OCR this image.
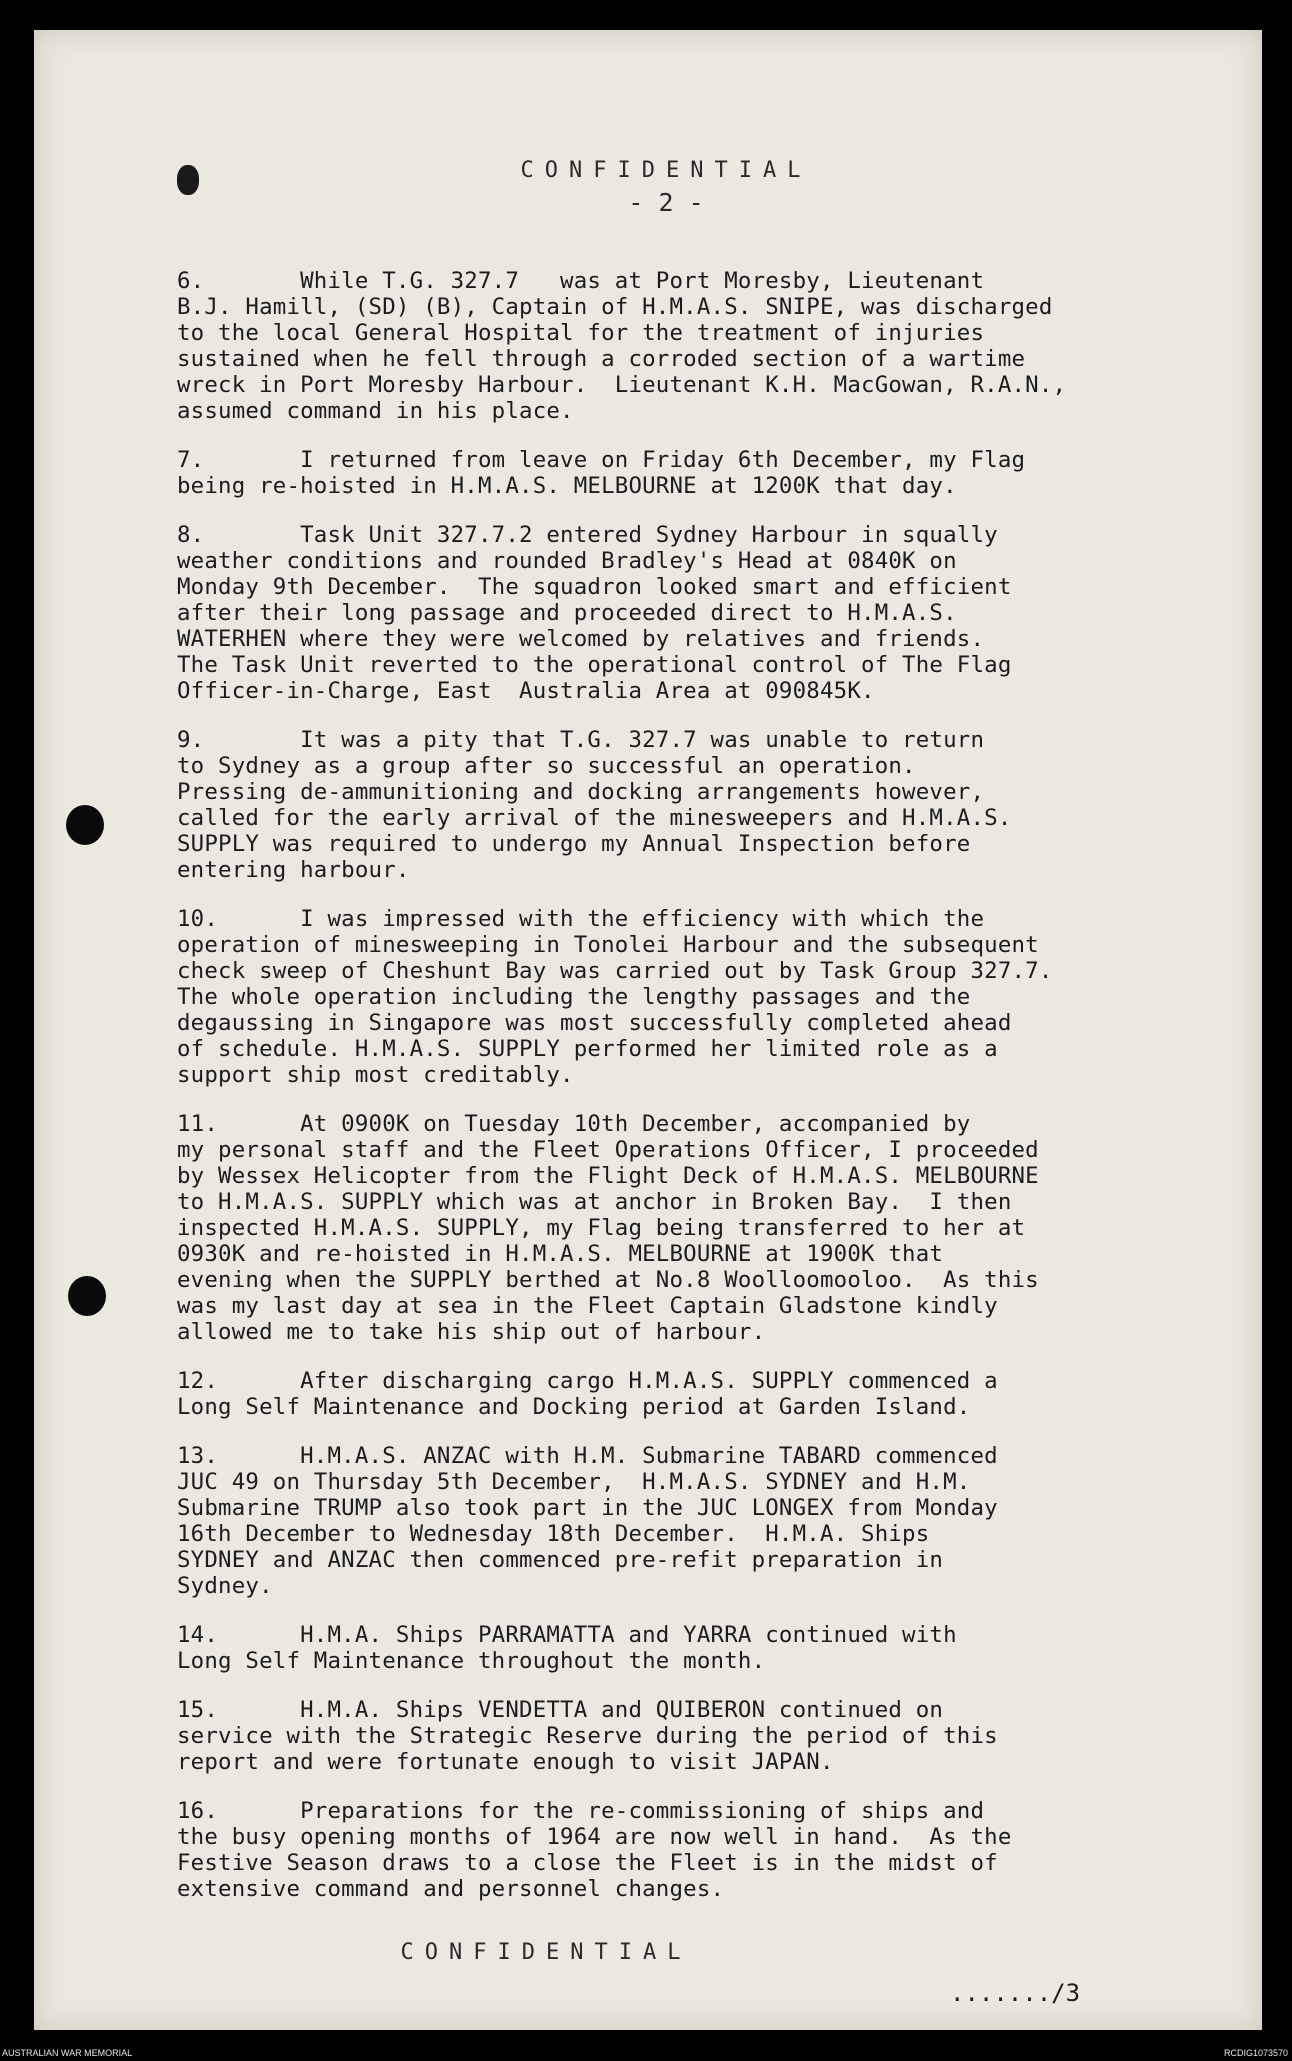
CONFIDENTIAL
- 2 -

6.       While T.G. 327.7   was at Port Moresby, Lieutenant
B.J. Hamill, (SD) (B), Captain of H.M.A.S. SNIPE, was discharged
to the local General Hospital for the treatment of injuries
sustained when he fell through a corroded section of a wartime
wreck in Port Moresby Harbour.  Lieutenant K.H. MacGowan, R.A.N.,
assumed command in his place.

7.       I returned from leave on Friday 6th December, my Flag
being re-hoisted in H.M.A.S. MELBOURNE at 1200K that day.

8.       Task Unit 327.7.2 entered Sydney Harbour in squally
weather conditions and rounded Bradley's Head at 0840K on
Monday 9th December.  The squadron looked smart and efficient
after their long passage and proceeded direct to H.M.A.S.
WATERHEN where they were welcomed by relatives and friends.
The Task Unit reverted to the operational control of The Flag
Officer-in-Charge, East  Australia Area at 090845K.

9.       It was a pity that T.G. 327.7 was unable to return
to Sydney as a group after so successful an operation.
Pressing de-ammunitioning and docking arrangements however,
called for the early arrival of the minesweepers and H.M.A.S.
SUPPLY was required to undergo my Annual Inspection before
entering harbour.

10.      I was impressed with the efficiency with which the
operation of minesweeping in Tonolei Harbour and the subsequent
check sweep of Cheshunt Bay was carried out by Task Group 327.7.
The whole operation including the lengthy passages and the
degaussing in Singapore was most successfully completed ahead
of schedule. H.M.A.S. SUPPLY performed her limited role as a
support ship most creditably.

11.      At 0900K on Tuesday 10th December, accompanied by
my personal staff and the Fleet Operations Officer, I proceeded
by Wessex Helicopter from the Flight Deck of H.M.A.S. MELBOURNE
to H.M.A.S. SUPPLY which was at anchor in Broken Bay.  I then
inspected H.M.A.S. SUPPLY, my Flag being transferred to her at
0930K and re-hoisted in H.M.A.S. MELBOURNE at 1900K that
evening when the SUPPLY berthed at No.8 Woolloomooloo.  As this
was my last day at sea in the Fleet Captain Gladstone kindly
allowed me to take his ship out of harbour.

12.      After discharging cargo H.M.A.S. SUPPLY commenced a
Long Self Maintenance and Docking period at Garden Island.

13.      H.M.A.S. ANZAC with H.M. Submarine TABARD commenced
JUC 49 on Thursday 5th December,  H.M.A.S. SYDNEY and H.M.
Submarine TRUMP also took part in the JUC LONGEX from Monday
16th December to Wednesday 18th December.  H.M.A. Ships
SYDNEY and ANZAC then commenced pre-refit preparation in
Sydney.

14.      H.M.A. Ships PARRAMATTA and YARRA continued with
Long Self Maintenance throughout the month.

15.      H.M.A. Ships VENDETTA and QUIBERON continued on
service with the Strategic Reserve during the period of this
report and were fortunate enough to visit JAPAN.

16.      Preparations for the re-commissioning of ships and
the busy opening months of 1964 are now well in hand.  As the
Festive Season draws to a close the Fleet is in the midst of
extensive command and personnel changes.

CONFIDENTIAL
......./3
AUSTRALIAN WAR MEMORIAL	RCDIG1073570
